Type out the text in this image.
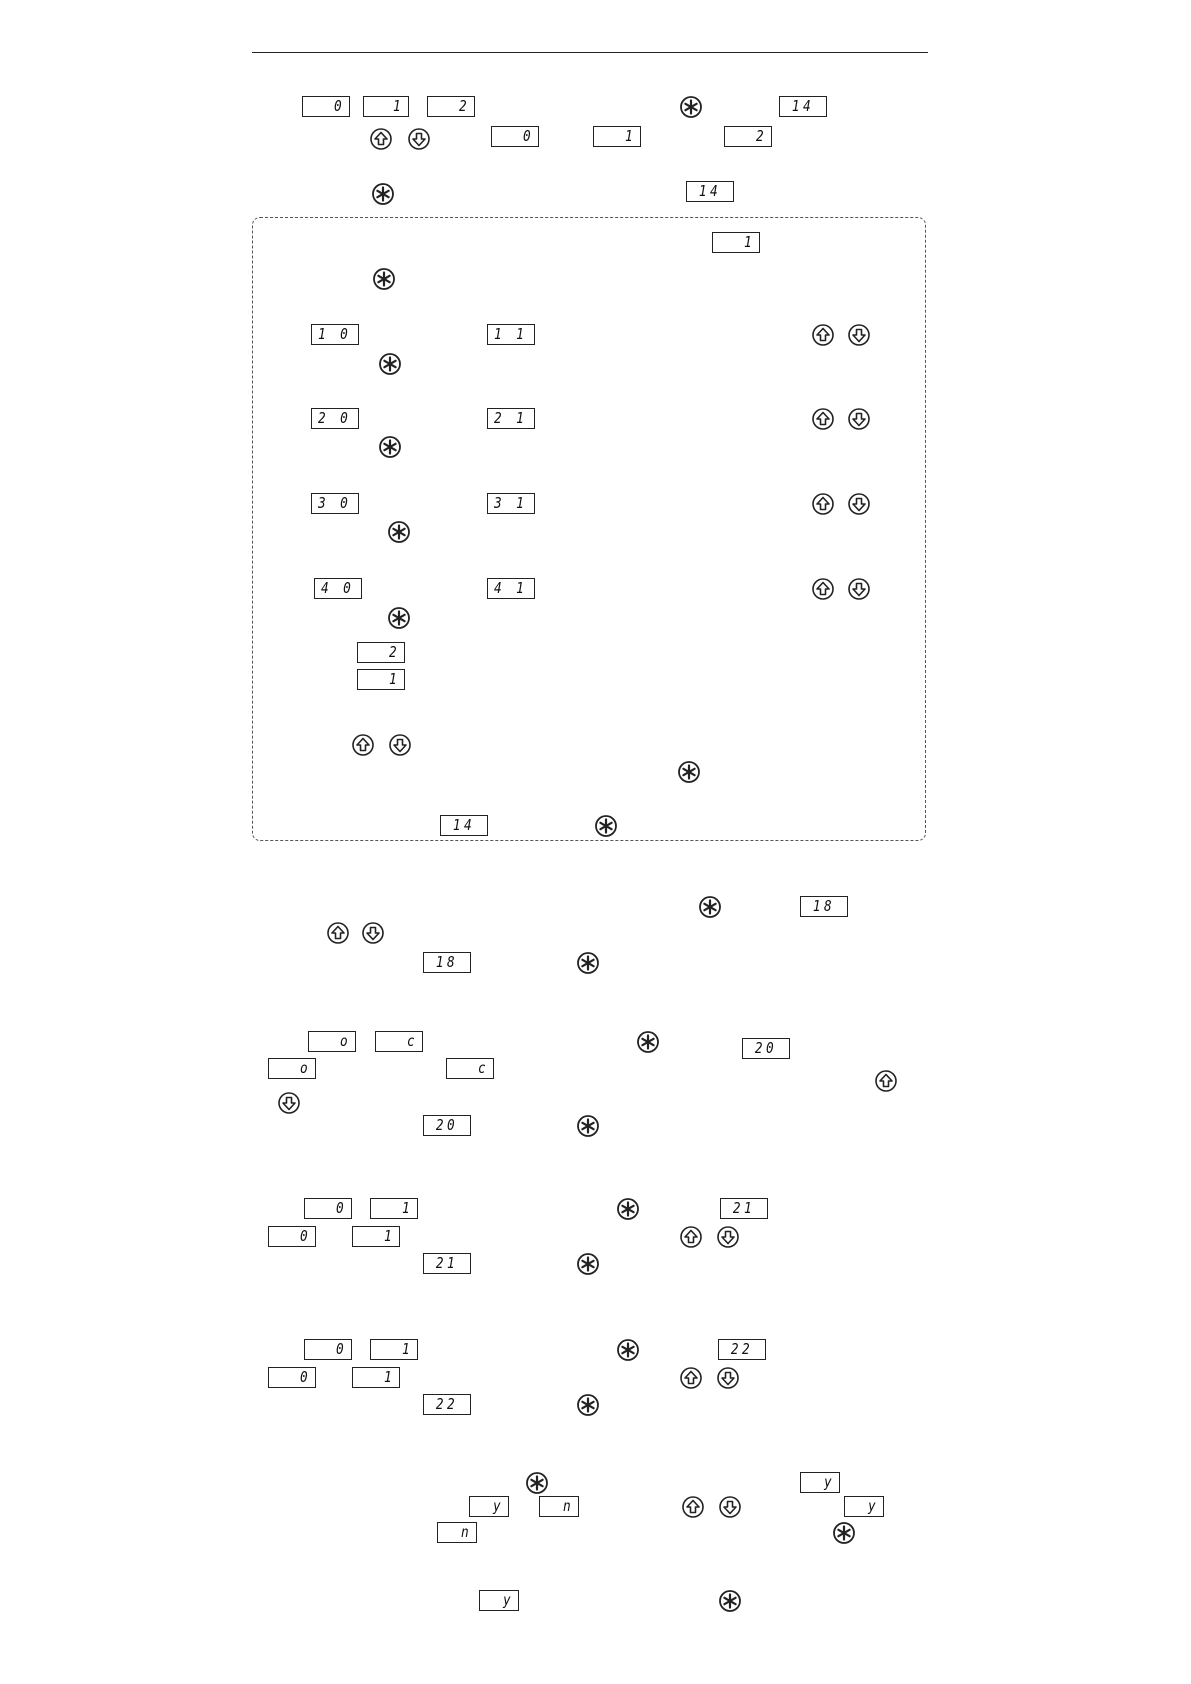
0	1	2	14
0	1	2
14
1
1 0	1 1
2 0	2 1
3 0	3 1
4 0	4 1
2
1
14
18
18
o	c	20
o	c
20
0	1	21
0	1
21
0	1	22
0	1
22
y
y	n	y
n
y
